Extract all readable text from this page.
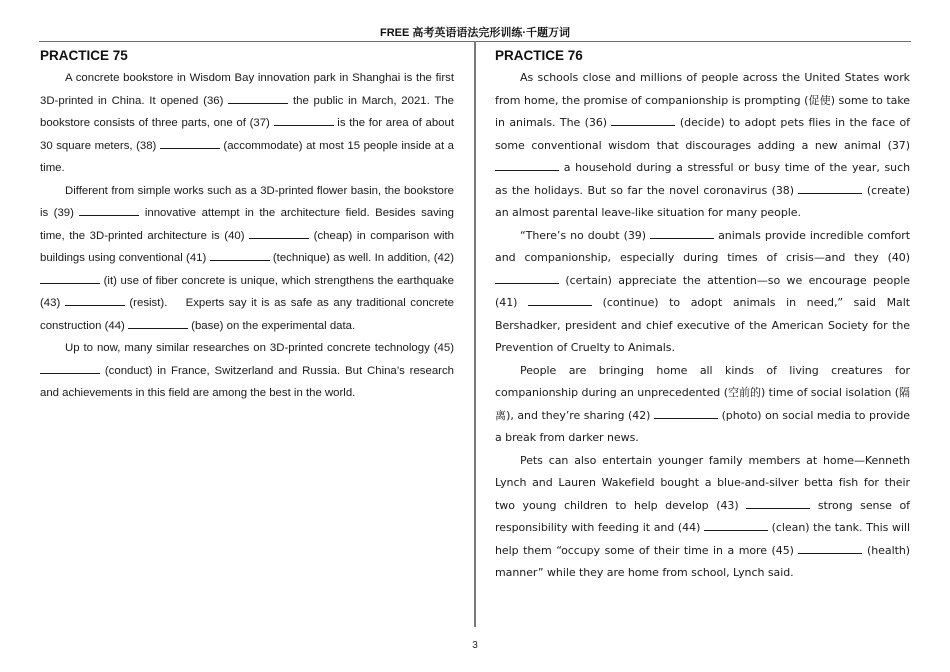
FREE 高考英语语法完形训练·千题万词
PRACTICE 75

A concrete bookstore in Wisdom Bay innovation park in Shanghai is the first 3D-printed in China. It opened (36)	the public in March, 2021. The bookstore consists of three parts, one of (37)	is the for area of about 30 square meters, (38)	(accommodate) at most 15 people inside at a time.

Different from simple works such as a 3D-printed flower basin, the bookstore is (39)	innovative attempt in the architecture field. Besides saving time, the 3D-printed architecture is (40)	(cheap) in comparison with buildings using conventional (41)	(technique) as well. In addition, (42)  (it) use of fiber concrete is unique, which strengthens the earthquake (43)	(resist).    Experts say it is as safe as any traditional concrete construction (44)	(base) on the experimental data.

Up to now, many similar researches on 3D-printed concrete technology (45)  (conduct) in France, Switzerland and Russia. But China’s research and achievements in this field are among the best in the world.

PRACTICE 76

As schools close and millions of people across the United States work from home, the promise of companionship is prompting (促使) some to take in animals. The (36)	(decide) to adopt pets flies in the face of some conventional wisdom that discourages adding a new animal (37)  a household during a stressful or busy time of the year, such as the holidays. But so far the novel coronavirus (38)	(create) an almost parental leave-like situation for many people.

“There’s no doubt (39)	animals provide incredible comfort and companionship, especially during times of crisis—and they (40)  (certain) appreciate the attention—so we encourage people (41)	(continue) to adopt animals in need,” said Malt Bershadker, president and chief executive of the American Society for the Prevention of Cruelty to Animals.

People are bringing home all kinds of living creatures for companionship during an unprecedented (空前的) time of social isolation (隔离), and they’re sharing (42)	(photo) on social media to provide a break from darker news.

Pets can also entertain younger family members at home—Kenneth Lynch and Lauren Wakefield bought a blue-and-silver betta fish for their two young children to help develop (43)	strong sense of responsibility with feeding it and (44)	(clean) the tank. This will help them “occupy some of their time in a more (45)	(health) manner” while they are home from school, Lynch said.

3
